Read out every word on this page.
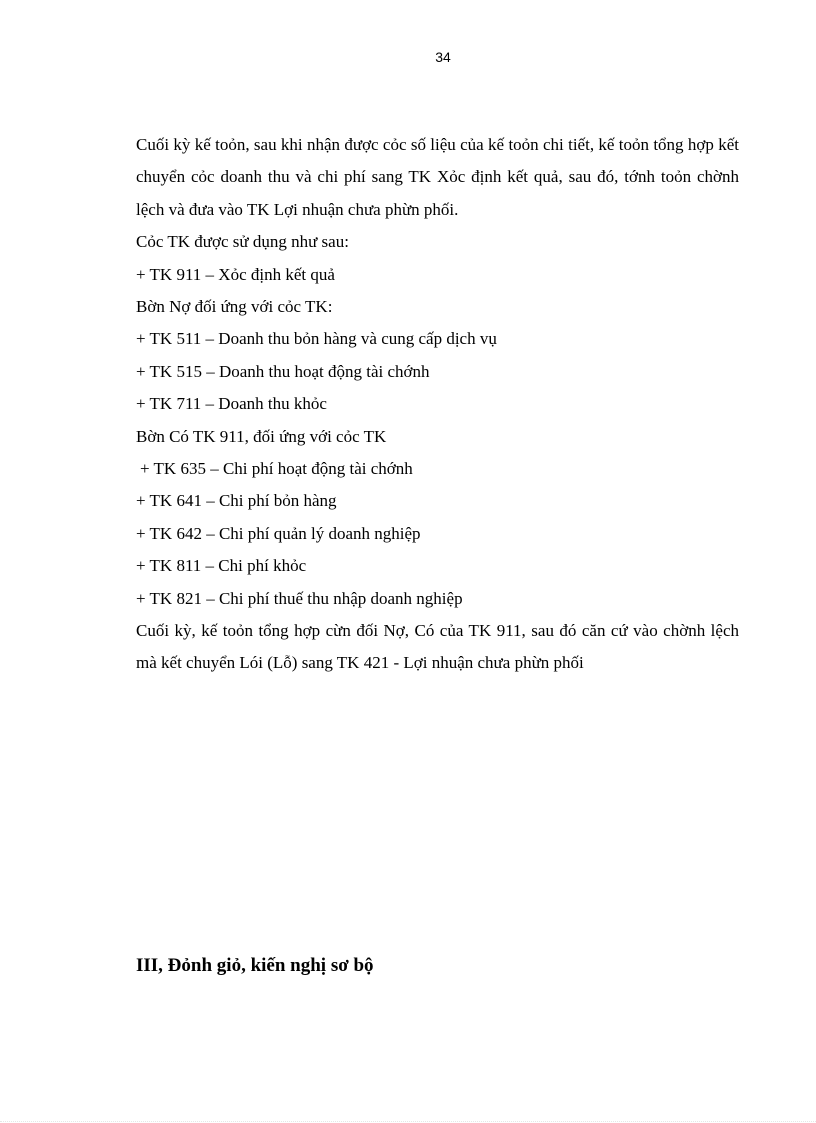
34

Cuối kỳ kế toỏn, sau khi nhận được cỏc số liệu của kế toỏn chi tiết, kế toỏn tổng hợp kết chuyển cỏc doanh thu và chi phí sang TK Xỏc định kết quả, sau đó, tớnh toỏn chờnh lệch và đưa vào TK Lợi nhuận chưa phừn phối.

Cỏc TK được sử dụng như sau:

+ TK 911 – Xỏc định kết quả

Bờn Nợ đối ứng với cỏc TK:

+ TK 511 – Doanh thu bỏn hàng và cung cấp dịch vụ

+ TK 515 – Doanh thu hoạt động tài chớnh

+ TK 711 – Doanh thu khỏc

Bờn Có TK 911, đối ứng với cỏc TK

+ TK 635 – Chi phí hoạt động tài chớnh

+ TK 641 – Chi phí bỏn hàng

+ TK 642 – Chi phí quản lý doanh nghiệp

+ TK 811 – Chi phí khỏc

+ TK 821 – Chi phí thuế thu nhập doanh nghiệp

Cuối kỳ, kế toỏn tổng hợp cừn đối Nợ, Có của TK 911, sau đó căn cứ vào chờnh lệch mà kết chuyển Lói (Lỗ) sang TK 421 - Lợi nhuận chưa phừn phối

III, Đỏnh giỏ, kiến nghị sơ bộ
